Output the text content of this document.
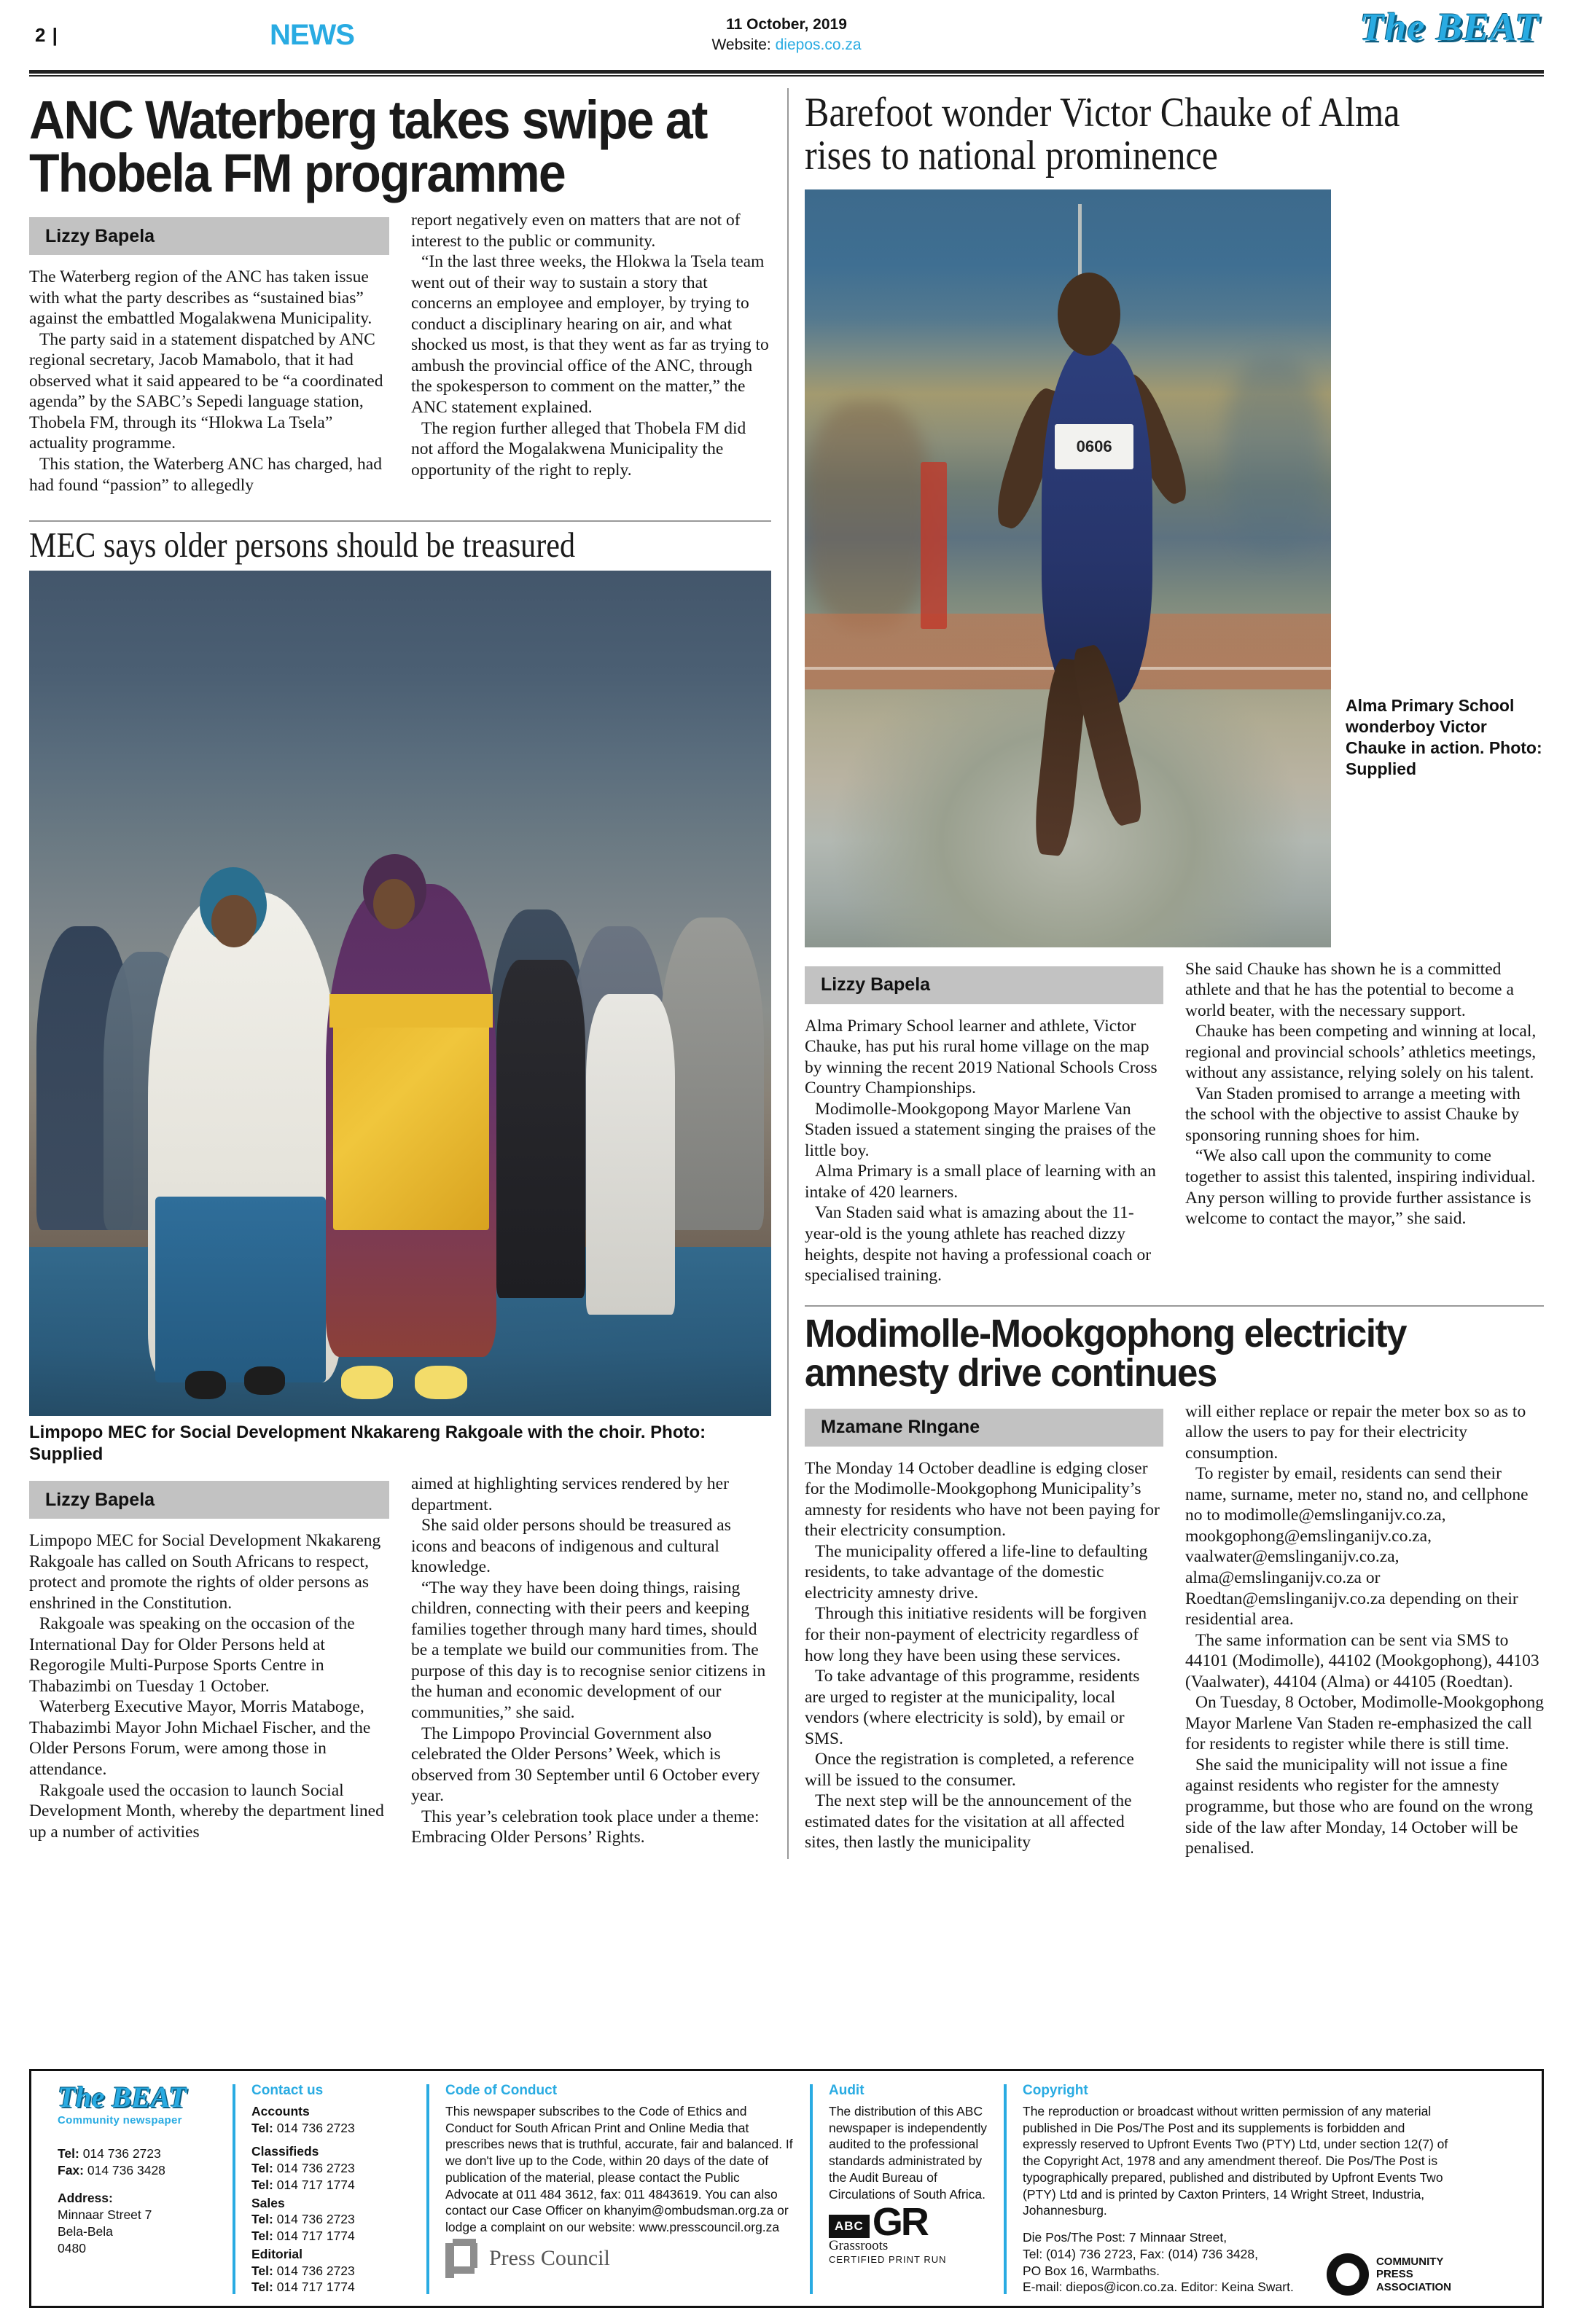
2 |	NEWS	11 October, 2019
Website: diepos.co.za	The BEAT
ANC Waterberg takes swipe at Thobela FM programme
Lizzy Bapela

The Waterberg region of the ANC has taken issue with what the party describes as “sustained bias” against the embattled Mogalakwena Municipality.

The party said in a statement dispatched by ANC regional secretary, Jacob Mamabolo, that it had observed what it said appeared to be “a coordinated agenda” by the SABC’s Sepedi language station, Thobela FM, through its “Hlokwa La Tsela” actuality programme.

This station, the Waterberg ANC has charged, had had found “passion” to allegedly

report negatively even on matters that are not of interest to the public or community.

“In the last three weeks, the Hlokwa la Tsela team went out of their way to sustain a story that concerns an employee and employer, by trying to conduct a disciplinary hearing on air, and what shocked us most, is that they went as far as trying to ambush the provincial office of the ANC, through the spokesperson to comment on the matter,” the ANC statement explained.

The region further alleged that Thobela FM did not afford the Mogalakwena Municipality the opportunity of the right to reply.

MEC says older persons should be treasured
Limpopo MEC for Social Development Nkakareng Rakgoale with the choir. Photo: Supplied
Lizzy Bapela

Limpopo MEC for Social Development Nkakareng Rakgoale has called on South Africans to respect, protect and promote the rights of older persons as enshrined in the Constitution.

Rakgoale was speaking on the occasion of the International Day for Older Persons held at Regorogile Multi-Purpose Sports Centre in Thabazimbi on Tuesday 1 October.

Waterberg Executive Mayor, Morris Mataboge, Thabazimbi Mayor John Michael Fischer, and the Older Persons Forum, were among those in attendance.

Rakgoale used the occasion to launch Social Development Month, whereby the department lined up a number of activities

aimed at highlighting services rendered by her department.

She said older persons should be treasured as icons and beacons of indigenous and cultural knowledge.

“The way they have been doing things, raising children, connecting with their peers and keeping families together through many hard times, should be a template we build our communities from. The purpose of this day is to recognise senior citizens in the human and economic development of our communities,” she said.

The Limpopo Provincial Government also celebrated the Older Persons’ Week, which is observed from 30 September until 6 October every year.

This year’s celebration took place under a theme: Embracing Older Persons’ Rights.

Barefoot wonder Victor Chauke of Alma rises to national prominence
0606
Alma Primary School wonderboy Victor Chauke in action. Photo: Supplied
Lizzy Bapela

Alma Primary School learner and athlete, Victor Chauke, has put his rural home village on the map by winning the recent 2019 National Schools Cross Country Championships.

Modimolle-Mookgopong Mayor Marlene Van Staden issued a statement singing the praises of the little boy.

Alma Primary is a small place of learning with an intake of 420 learners.

Van Staden said what is amazing about the 11-year-old is the young athlete has reached dizzy heights, despite not having a professional coach or specialised training.

She said Chauke has shown he is a committed athlete and that he has the potential to become a world beater, with the necessary support.

Chauke has been competing and winning at local, regional and provincial schools’ athletics meetings, without any assistance, relying solely on his talent.

Van Staden promised to arrange a meeting with the school with the objective to assist Chauke by sponsoring running shoes for him.

“We also call upon the community to come together to assist this talented, inspiring individual. Any person willing to provide further assistance is welcome to contact the mayor,” she said.

Modimolle-Mookgophong electricity amnesty drive continues
Mzamane RIngane

The Monday 14 October deadline is edging closer for the Modimolle-Mookgophong Municipality’s amnesty for residents who have not been paying for their electricity consumption.

The municipality offered a life-line to defaulting residents, to take advantage of the domestic electricity amnesty drive.

Through this initiative residents will be forgiven for their non-payment of electricity regardless of how long they have been using these services.

To take advantage of this programme, residents are urged to register at the municipality, local vendors (where electricity is sold), by email or SMS.

Once the registration is completed, a reference will be issued to the consumer.

The next step will be the announcement of the estimated dates for the visitation at all affected sites, then lastly the municipality

will either replace or repair the meter box so as to allow the users to pay for their electricity consumption.

To register by email, residents can send their name, surname, meter no, stand no, and cellphone no to modimolle@emslinganijv.co.za, mookgophong@emslinganijv.co.za, vaalwater@emslinganijv.co.za, alma@emslinganijv.co.za or Roedtan@emslinganijv.co.za depending on their residential area.

The same information can be sent via SMS to 44101 (Modimolle), 44102 (Mookgophong), 44103 (Vaalwater), 44104 (Alma) or 44105 (Roedtan).

On Tuesday, 8 October, Modimolle-Mookgophong Mayor Marlene Van Staden re-emphasized the call for residents to register while there is still time.

She said the municipality will not issue a fine against residents who register for the amnesty programme, but those who are found on the wrong side of the law after Monday, 14 October will be penalised.

The BEAT
Community newspaper
Tel: 014 736 2723
Fax: 014 736 3428
Address:
Minnaar Street 7
Bela-Bela
0480
Contact us
Accounts
Tel: 014 736 2723
Classifieds
Tel: 014 736 2723
Tel: 014 717 1774
Sales
Tel: 014 736 2723
Tel: 014 717 1774
Editorial
Tel: 014 736 2723
Tel: 014 717 1774
Code of Conduct
This newspaper subscribes to the Code of Ethics and Conduct for South African Print and Online Media that prescribes news that is truthful, accurate, fair and balanced. If we don't live up to the Code, within 20 days of the date of publication of the material, please contact the Public Advocate at 011 484 3612, fax: 011 4843619. You can also contact our Case Officer on khanyim@ombudsman.org.za or lodge a complaint on our website: www.presscouncil.org.za
Press Council
Audit
The distribution of this ABC newspaper is independently audited to the professional standards administrated by the Audit Bureau of Circulations of South Africa.
ABC GR
Grassroots
CERTIFIED PRINT RUN
Copyright
The reproduction or broadcast without written permission of any material published in Die Pos/The Post and its supplements is forbidden and expressly reserved to Upfront Events Two (PTY) Ltd, under section 12(7) of the Copyright Act, 1978 and any amendment thereof. Die Pos/The Post is typographically prepared, published and distributed by Upfront Events Two (PTY) Ltd and is printed by Caxton Printers, 14 Wright Street, Industria, Johannesburg.
Die Pos/The Post: 7 Minnaar Street,
Tel: (014) 736 2723, Fax: (014) 736 3428,
PO Box 16, Warmbaths.
E-mail: diepos@icon.co.za. Editor: Keina Swart.
COMMUNITY
PRESS
ASSOCIATION
